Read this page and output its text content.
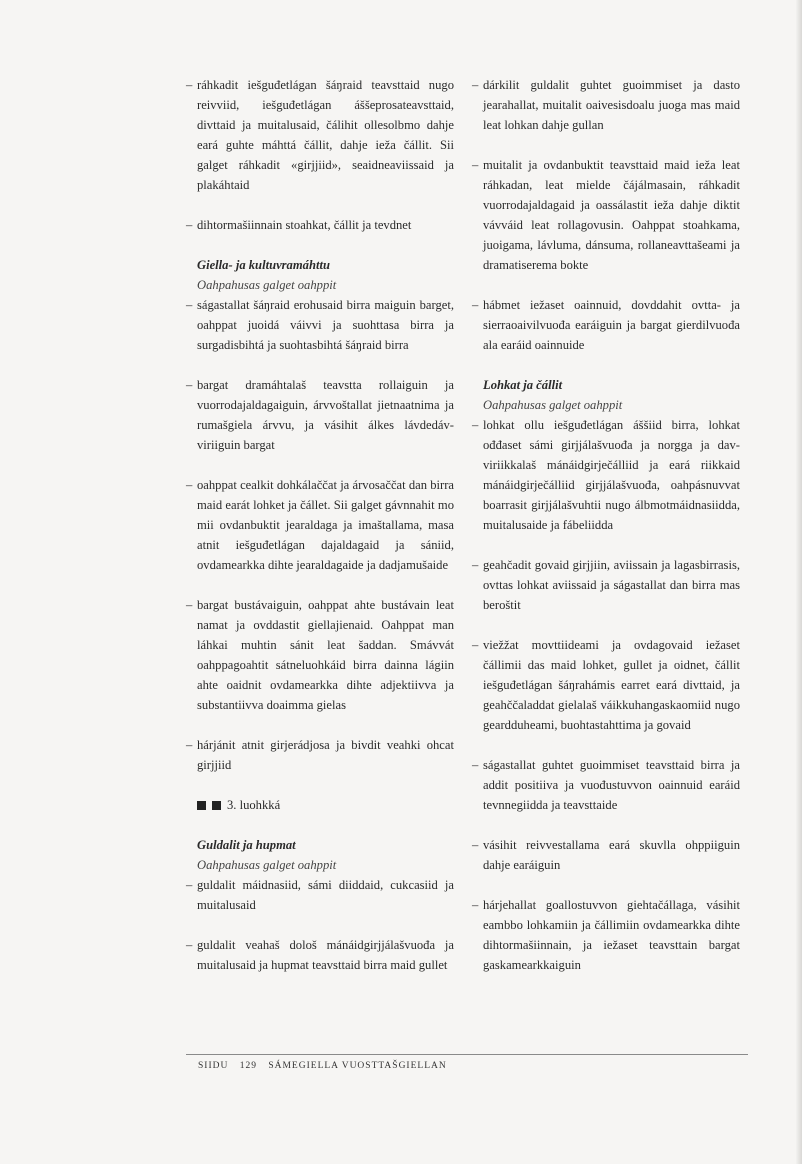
– ráhkadit iešguđetlágan šáŋraid teavsttaid nugo reivviid, iešguđetlágan áššeprosateavsttaid, divttaid ja muitalusaid, čálihit ollesolbmo dahje eará guhte máhttá čállit, dahje ieža čállit. Sii galget ráhkadit «girjjiid», seaidneaviissaid ja plakáhtaid
– dihtormašiinnain stoahkat, čállit ja tevdnet
Giella- ja kultuvramáhttu
Oahpahusas galget oahppit
– ságastallat šáŋraid erohusaid birra maiguin barget, oahppat juoidá váivvi ja suohttasa birra ja surgadisbihtá ja suohtasbihtá šáŋraid birra
– bargat dramáhtalaš teavstta rollaiguin ja vuorrodajaldagaiguin, árvvoštallat jietnaatnima ja rumašgiela árvvu, ja vásihit álkes lávdedávviriiguin bargat
– oahppat cealkit dohkálaččat ja árvosaččat dan birra maid earát lohket ja čállet. Sii galget gávnnahit mo mii ovdanbuktit jearaldaga ja imaštallama, masa atnit iešguđetlágan dajaldagaid ja sániid, ovdamearkka dihte jearaldagaide ja dadjamušaide
– bargat bustávaiguin, oahppat ahte bustávain leat namat ja ovddastit giellajienaid. Oahppat man láhkai muhtin sánit leat šaddan. Smávvát oahppagoahtit sátneluohkáid birra dainna lágiin ahte oaidnit ovdamearkka dihte adjektiivva ja substantiivva doaimma gielas
– hárjánit atnit girjerádjosa ja bivdit veahki ohcat girjjiid
3. luohkká
Guldalit ja hupmat
Oahpahusas galget oahppit
– guldalit máidnasiid, sámi diiddaid, cukcasiid ja muitalusaid
– guldalit veahaš dološ mánáidgirjjálašvuođa ja muitalusaid ja hupmat teavsttaid birra maid gullet
– dárkilit guldalit guhtet guoimmiset ja dasto jearahallat, muitalit oaivesisdoalu juoga mas maid leat lohkan dahje gullan
– muitalit ja ovdanbuktit teavsttaid maid ieža leat ráhkadan, leat mielde čájálmasain, ráhkadit vuorrodajaldagaid ja oassálastit ieža dahje diktit vávváid leat rollagovusin. Oahppat stoahkama, juoigama, lávluma, dánsuma, rollaneavttašeami ja dramatiserema bokte
– hábmet iežaset oainnuid, dovddahit ovtta- ja sierraoaivilvuođa earáiguin ja bargat gierdilvuođa ala earáid oainnuide
Lohkat ja čállit
Oahpahusas galget oahppit
– lohkat ollu iešguđetlágan áššiid birra, lohkat ođđaset sámi girjjálašvuođa ja norgga ja davviriikkalaš mánáidgirječálliid ja eará riikkaid mánáidgirječálliid girjjálašvuođa, oahpásnuvvat boarrasit girjjálašvuhtii nugo álbmotmáidnasiidda, muitalusaide ja fábeliidda
– geahčadit govaid girjjiin, aviissain ja lagasbirrasis, ovttas lohkat aviissaid ja ságastallat dan birra mas beroštit
– viežžat movttiideami ja ovdagovaid iežaset čállimii das maid lohket, gullet ja oidnet, čállit iešguđetlágan šáŋrahámis earret eará divttaid, ja geahččaladdat gielalaš váikkuhangaskaomiid nugo geardduheami, buohtastahttima ja govaid
– ságastallat guhtet guoimmiset teavsttaid birra ja addit positiiva ja vuođustuvvon oainnuid earáid tevnnegiidda ja teavsttaide
– vásihit reivvestallama eará skuvlla ohppiiguin dahje earáiguin
– hárjehallat goallostuvvon giehtačállaga, vásihit eambbo lohkamiin ja čállimiin ovdamearkka dihte dihtormašiinnain, ja iežaset teavsttain bargat gaskamearkkaiguin
SIIDU 129 SÁMEGIELLA VUOSTTAŠGIELLAN
